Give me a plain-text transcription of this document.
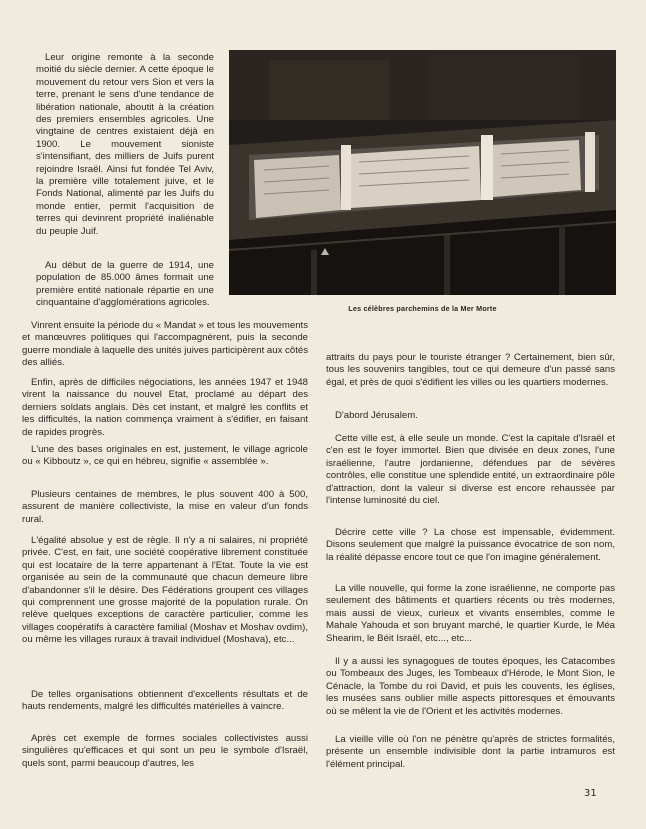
Leur origine remonte à la seconde moitié du siècle dernier. A cette époque le mouvement du retour vers Sion et vers la terre, prenant le sens d'une tendance de libération nationale, aboutit à la création des premiers ensembles agricoles. Une vingtaine de centres existaient déjà en 1900. Le mouvement sioniste s'intensifiant, des milliers de Juifs purent rejoindre Israël. Ainsi fut fondée Tel Aviv, la première ville totalement juive, et le Fonds National, alimenté par les Juifs du monde entier, permit l'acquisition de terres qui devinrent propriété inaliénable du peuple Juif.

Au début de la guerre de 1914, une population de 85.000 âmes formait une première entité nationale répartie en une cinquantaine d'agglomérations agricoles.

Les célèbres parchemins de la Mer Morte

Vinrent ensuite la période du « Mandat » et tous les mouvements et manœuvres politiques qui l'accompagnèrent, puis la seconde guerre mondiale à laquelle des unités juives participèrent aux côtés des alliés.

Enfin, après de difficiles négociations, les années 1947 et 1948 virent la naissance du nouvel Etat, proclamé au départ des derniers soldats anglais. Dès cet instant, et malgré les conflits et les difficultés, la nation commença vraiment à s'édifier, en faisant de rapides progrès.

L'une des bases originales en est, justement, le village agricole ou « Kibboutz », ce qui en hébreu, signifie « assemblée ».

Plusieurs centaines de membres, le plus souvent 400 à 500, assurent de manière collectiviste, la mise en valeur d'un fonds rural.

L'égalité absolue y est de règle. Il n'y a ni salaires, ni propriété privée. C'est, en fait, une société coopérative librement constituée qui est locataire de la terre appartenant à l'Etat. Toute la vie est organisée au sein de la communauté que chacun demeure libre d'abandonner s'il le désire. Des Fédérations groupent ces villages qui comprennent une grosse majorité de la population rurale. On relève quelques exceptions de caractère particulier, comme les villages coopératifs à caractère familial (Moshav et Moshav ovdim), ou même les villages ruraux à travail individuel (Moshava), etc...

De telles organisations obtiennent d'excellents résultats et de hauts rendements, malgré les difficultés matérielles à vaincre.

Après cet exemple de formes sociales collectivistes aussi singulières qu'efficaces et qui sont un peu le symbole d'Israël, quels sont, parmi beaucoup d'autres, les

attraits du pays pour le touriste étranger ? Certainement, bien sûr, tous les souvenirs tangibles, tout ce qui demeure d'un passé sans égal, et près de quoi s'édifient les villes ou les quartiers modernes.

D'abord Jérusalem.

Cette ville est, à elle seule un monde. C'est la capitale d'Israël et c'en est le foyer immortel. Bien que divisée en deux zones, l'une israélienne, l'autre jordanienne, défendues par de sévères contrôles, elle constitue une splendide entité, un extraordinaire pôle d'attraction, dont la valeur si diverse est encore rehaussée par l'intense luminosité du ciel.

Décrire cette ville ? La chose est impensable, évidemment. Disons seulement que malgré la puissance évocatrice de son nom, la réalité dépasse encore tout ce que l'on imagine généralement.

La ville nouvelle, qui forme la zone israélienne, ne comporte pas seulement des bâtiments et quartiers récents ou très modernes, mais aussi de vieux, curieux et vivants ensembles, comme le Mahale Yahouda et son bruyant marché, le quartier Kurde, le Méa Shearim, le Béit Israël, etc..., etc...

Il y a aussi les synagogues de toutes époques, les Catacombes ou Tombeaux des Juges, les Tombeaux d'Hérode, le Mont Sion, le Cénacle, la Tombe du roi David, et puis les couvents, les églises, les musées sans oublier mille aspects pittoresques et émouvants où se mêlent la vie de l'Orient et les activités modernes.

La vieille ville où l'on ne pénètre qu'après de strictes formalités, présente un ensemble indivisible dont la partie intramuros est l'élément principal.

31
